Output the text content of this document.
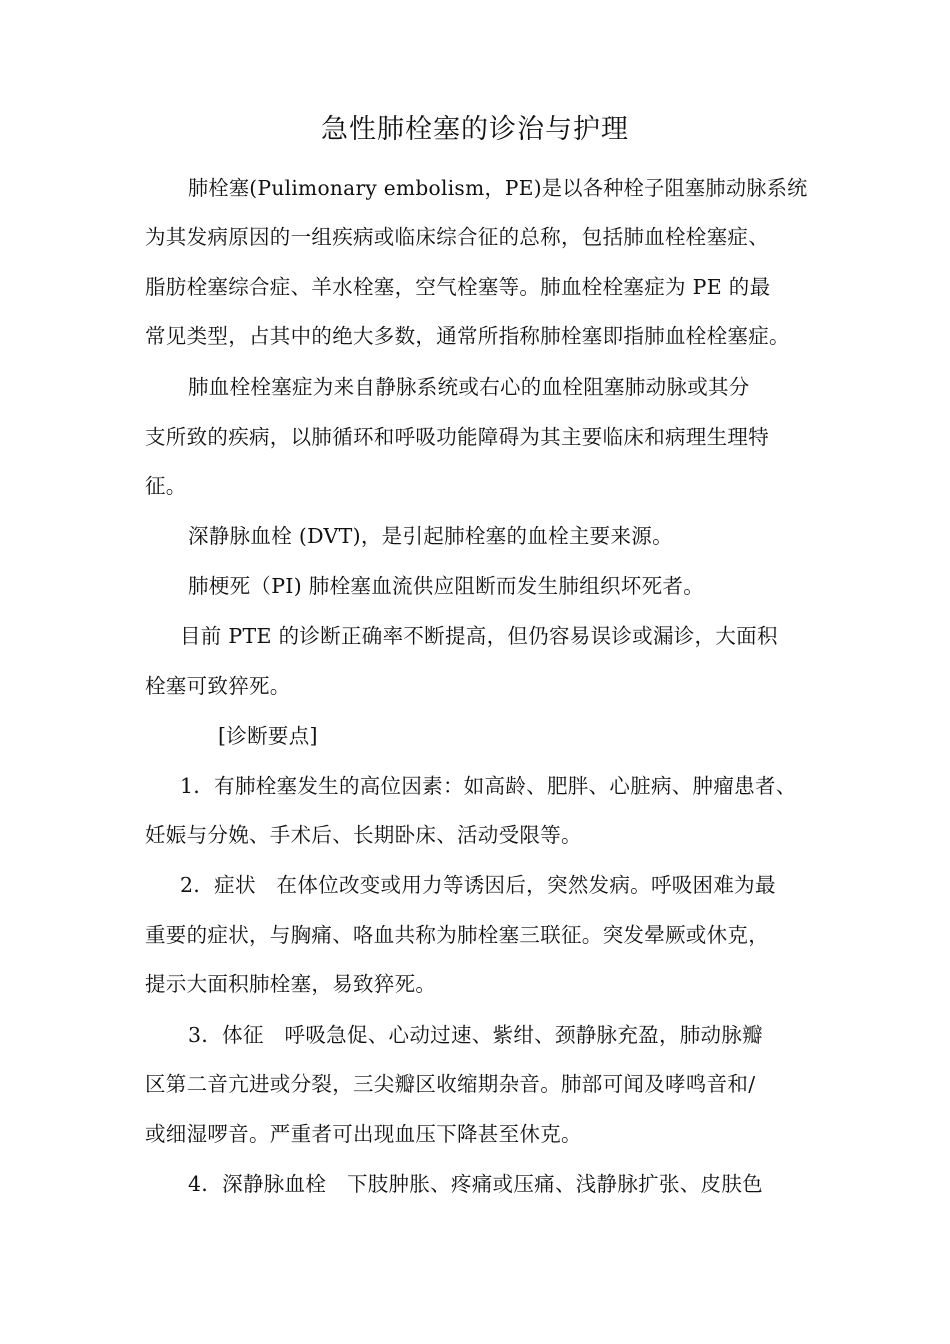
急性肺栓塞的诊治与护理
肺栓塞(Pulimonary embolism，PE)是以各种栓子阻塞肺动脉系统
为其发病原因的一组疾病或临床综合征的总称，包括肺血栓栓塞症、
脂肪栓塞综合症、羊水栓塞，空气栓塞等。肺血栓栓塞症为 PE 的最
常见类型，占其中的绝大多数，通常所指称肺栓塞即指肺血栓栓塞症。
肺血栓栓塞症为来自静脉系统或右心的血栓阻塞肺动脉或其分
支所致的疾病，以肺循环和呼吸功能障碍为其主要临床和病理生理特
征。
深静脉血栓 (DVT)，是引起肺栓塞的血栓主要来源。
肺梗死（PI) 肺栓塞血流供应阻断而发生肺组织坏死者。
目前 PTE 的诊断正确率不断提高，但仍容易误诊或漏诊，大面积
栓塞可致猝死。
[诊断要点]
1．有肺栓塞发生的高位因素：如高龄、肥胖、心脏病、肿瘤患者、
妊娠与分娩、手术后、长期卧床、活动受限等。
2．症状　在体位改变或用力等诱因后，突然发病。呼吸困难为最
重要的症状，与胸痛、咯血共称为肺栓塞三联征。突发晕厥或休克，
提示大面积肺栓塞，易致猝死。
3．体征　呼吸急促、心动过速、紫绀、颈静脉充盈，肺动脉瓣
区第二音亢进或分裂，三尖瓣区收缩期杂音。肺部可闻及哮鸣音和/
或细湿啰音。严重者可出现血压下降甚至休克。
4．深静脉血栓　下肢肿胀、疼痛或压痛、浅静脉扩张、皮肤色
